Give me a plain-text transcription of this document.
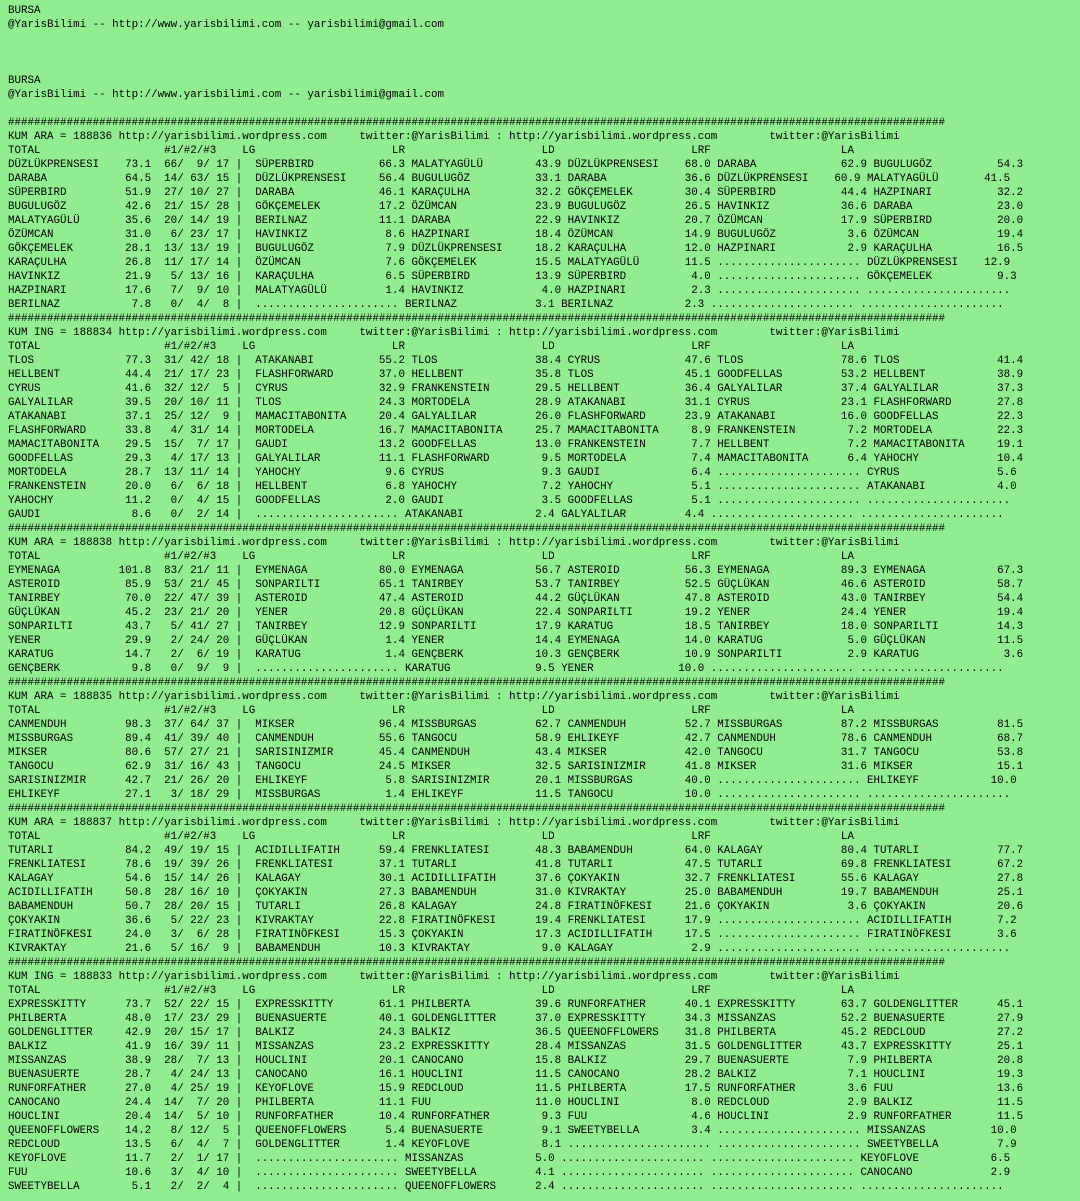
BURSA
@YarisBilimi -- http://www.yarisbilimi.com -- yarisbilimi@gmail.com

BURSA
@YarisBilimi -- http://www.yarisbilimi.com -- yarisbilimi@gmail.com

################################################################################################################################################
KUM ARA = 188836 http://yarisbilimi.wordpress.com     twitter:@YarisBilimi : http://yarisbilimi.wordpress.com        twitter:@YarisBilimi
TOTAL                   #1/#2/#3    LG                     LR                     LD                     LRF                    LA
DÜZLÜKPRENSESI    73.1  66/  9/ 17 |  SÜPERBIRD          66.3 MALATYAGÜLÜ        43.9 DÜZLÜKPRENSESI    68.0 DARABA             62.9 BUGULUGÖZ          54.3
DARABA            64.5  14/ 63/ 15 |  DÜZLÜKPRENSESI     56.4 BUGULUGÖZ          33.1 DARABA            36.6 DÜZLÜKPRENSESI    60.9 MALATYAGÜLÜ       41.5
SÜPERBIRD         51.9  27/ 10/ 27 |  DARABA             46.1 KARAÇULHA          32.2 GÖKÇEMELEK        30.4 SÜPERBIRD          44.4 HAZPINARI          32.2
BUGULUGÖZ         42.6  21/ 15/ 28 |  GÖKÇEMELEK         17.2 ÖZÜMCAN            23.9 BUGULUGÖZ         26.5 HAVINKIZ           36.6 DARABA             23.0
MALATYAGÜLÜ       35.6  20/ 14/ 19 |  BERILNAZ           11.1 DARABA             22.9 HAVINKIZ          20.7 ÖZÜMCAN            17.9 SÜPERBIRD          20.0
ÖZÜMCAN           31.0   6/ 23/ 17 |  HAVINKIZ            8.6 HAZPINARI          18.4 ÖZÜMCAN           14.9 BUGULUGÖZ           3.6 ÖZÜMCAN            19.4
GÖKÇEMELEK        28.1  13/ 13/ 19 |  BUGULUGÖZ           7.9 DÜZLÜKPRENSESI     18.2 KARAÇULHA         12.0 HAZPINARI           2.9 KARAÇULHA          16.5
KARAÇULHA         26.8  11/ 17/ 14 |  ÖZÜMCAN             7.6 GÖKÇEMELEK         15.5 MALATYAGÜLÜ       11.5 ...................... DÜZLÜKPRENSESI    12.9
HAVINKIZ          21.9   5/ 13/ 16 |  KARAÇULHA           6.5 SÜPERBIRD          13.9 SÜPERBIRD          4.0 ...................... GÖKÇEMELEK          9.3
HAZPINARI         17.6   7/  9/ 10 |  MALATYAGÜLÜ         1.4 HAVINKIZ            4.0 HAZPINARI          2.3 ...................... ......................
BERILNAZ           7.8   0/  4/  8 |  ...................... BERILNAZ            3.1 BERILNAZ           2.3 ...................... ......................
################################################################################################################################################
KUM ING = 188834 http://yarisbilimi.wordpress.com     twitter:@YarisBilimi : http://yarisbilimi.wordpress.com        twitter:@YarisBilimi
TOTAL                   #1/#2/#3    LG                     LR                     LD                     LRF                    LA
TLOS              77.3  31/ 42/ 18 |  ATAKANABI          55.2 TLOS               38.4 CYRUS             47.6 TLOS               78.6 TLOS               41.4
HELLBENT          44.4  21/ 17/ 23 |  FLASHFORWARD       37.0 HELLBENT           35.8 TLOS              45.1 GOODFELLAS         53.2 HELLBENT           38.9
CYRUS             41.6  32/ 12/  5 |  CYRUS              32.9 FRANKENSTEIN       29.5 HELLBENT          36.4 GALYALILAR         37.4 GALYALILAR         37.3
GALYALILAR        39.5  20/ 10/ 11 |  TLOS               24.3 MORTODELA          28.9 ATAKANABI         31.1 CYRUS              23.1 FLASHFORWARD       27.8
ATAKANABI         37.1  25/ 12/  9 |  MAMACITABONITA     20.4 GALYALILAR         26.0 FLASHFORWARD      23.9 ATAKANABI          16.0 GOODFELLAS         22.3
FLASHFORWARD      33.8   4/ 31/ 14 |  MORTODELA          16.7 MAMACITABONITA     25.7 MAMACITABONITA     8.9 FRANKENSTEIN        7.2 MORTODELA          22.3
MAMACITABONITA    29.5  15/  7/ 17 |  GAUDI              13.2 GOODFELLAS         13.0 FRANKENSTEIN       7.7 HELLBENT            7.2 MAMACITABONITA     19.1
GOODFELLAS        29.3   4/ 17/ 13 |  GALYALILAR         11.1 FLASHFORWARD        9.5 MORTODELA          7.4 MAMACITABONITA      6.4 YAHOCHY            10.4
MORTODELA         28.7  13/ 11/ 14 |  YAHOCHY             9.6 CYRUS               9.3 GAUDI              6.4 ...................... CYRUS               5.6
FRANKENSTEIN      20.0   6/  6/ 18 |  HELLBENT            6.8 YAHOCHY             7.2 YAHOCHY            5.1 ...................... ATAKANABI           4.0
YAHOCHY           11.2   0/  4/ 15 |  GOODFELLAS          2.0 GAUDI               3.5 GOODFELLAS         5.1 ...................... ......................
GAUDI              8.6   0/  2/ 14 |  ...................... ATAKANABI           2.4 GALYALILAR         4.4 ...................... ......................
################################################################################################################################################
KUM ARA = 188838 http://yarisbilimi.wordpress.com     twitter:@YarisBilimi : http://yarisbilimi.wordpress.com        twitter:@YarisBilimi
TOTAL                   #1/#2/#3    LG                     LR                     LD                     LRF                    LA
EYMENAGA         101.8  83/ 21/ 11 |  EYMENAGA           80.0 EYMENAGA           56.7 ASTEROID          56.3 EYMENAGA           89.3 EYMENAGA           67.3
ASTEROID          85.9  53/ 21/ 45 |  SONPARILTI         65.1 TANIRBEY           53.7 TANIRBEY          52.5 GÜÇLÜKAN           46.6 ASTEROID           58.7
TANIRBEY          70.0  22/ 47/ 39 |  ASTEROID           47.4 ASTEROID           44.2 GÜÇLÜKAN          47.8 ASTEROID           43.0 TANIRBEY           54.4
GÜÇLÜKAN          45.2  23/ 21/ 20 |  YENER              20.8 GÜÇLÜKAN           22.4 SONPARILTI        19.2 YENER              24.4 YENER              19.4
SONPARILTI        43.7   5/ 41/ 27 |  TANIRBEY           12.9 SONPARILTI         17.9 KARATUG           18.5 TANIRBEY           18.0 SONPARILTI         14.3
YENER             29.9   2/ 24/ 20 |  GÜÇLÜKAN            1.4 YENER              14.4 EYMENAGA          14.0 KARATUG             5.0 GÜÇLÜKAN           11.5
KARATUG           14.7   2/  6/ 19 |  KARATUG             1.4 GENÇBERK           10.3 GENÇBERK          10.9 SONPARILTI          2.9 KARATUG             3.6
GENÇBERK           9.8   0/  9/  9 |  ...................... KARATUG             9.5 YENER             10.0 ...................... ......................
################################################################################################################################################
KUM ARA = 188835 http://yarisbilimi.wordpress.com     twitter:@YarisBilimi : http://yarisbilimi.wordpress.com        twitter:@YarisBilimi
TOTAL                   #1/#2/#3    LG                     LR                     LD                     LRF                    LA
CANMENDUH         98.3  37/ 64/ 37 |  MIKSER             96.4 MISSBURGAS         62.7 CANMENDUH         52.7 MISSBURGAS         87.2 MISSBURGAS         81.5
MISSBURGAS        89.4  41/ 39/ 40 |  CANMENDUH          55.6 TANGOCU            58.9 EHLIKEYF          42.7 CANMENDUH          78.6 CANMENDUH          68.7
MIKSER            80.6  57/ 27/ 21 |  SARISINIZMIR       45.4 CANMENDUH          43.4 MIKSER            42.0 TANGOCU            31.7 TANGOCU            53.8
TANGOCU           62.9  31/ 16/ 43 |  TANGOCU            24.5 MIKSER             32.5 SARISINIZMIR      41.8 MIKSER             31.6 MIKSER             15.1
SARISINIZMIR      42.7  21/ 26/ 20 |  EHLIKEYF            5.8 SARISINIZMIR       20.1 MISSBURGAS        40.0 ...................... EHLIKEYF           10.0
EHLIKEYF          27.1   3/ 18/ 29 |  MISSBURGAS          1.4 EHLIKEYF           11.5 TANGOCU           10.0 ...................... ......................
################################################################################################################################################
KUM ARA = 188837 http://yarisbilimi.wordpress.com     twitter:@YarisBilimi : http://yarisbilimi.wordpress.com        twitter:@YarisBilimi
TOTAL                   #1/#2/#3    LG                     LR                     LD                     LRF                    LA
TUTARLI           84.2  49/ 19/ 15 |  ACIDILLIFATIH      59.4 FRENKLIATESI       48.3 BABAMENDUH        64.0 KALAGAY            80.4 TUTARLI            77.7
FRENKLIATESI      78.6  19/ 39/ 26 |  FRENKLIATESI       37.1 TUTARLI            41.8 TUTARLI           47.5 TUTARLI            69.8 FRENKLIATESI       67.2
KALAGAY           54.6  15/ 14/ 26 |  KALAGAY            30.1 ACIDILLIFATIH      37.6 ÇOKYAKIN          32.7 FRENKLIATESI       55.6 KALAGAY            27.8
ACIDILLIFATIH     50.8  28/ 16/ 10 |  ÇOKYAKIN           27.3 BABAMENDUH         31.0 KIVRAKTAY         25.0 BABAMENDUH         19.7 BABAMENDUH         25.1
BABAMENDUH        50.7  28/ 20/ 15 |  TUTARLI            26.8 KALAGAY            24.8 FIRATINÖFKESI     21.6 ÇOKYAKIN            3.6 ÇOKYAKIN           20.6
ÇOKYAKIN          36.6   5/ 22/ 23 |  KIVRAKTAY          22.8 FIRATINÖFKESI      19.4 FRENKLIATESI      17.9 ...................... ACIDILLIFATIH       7.2
FIRATINÖFKESI     24.0   3/  6/ 28 |  FIRATINÖFKESI      15.3 ÇOKYAKIN           17.3 ACIDILLIFATIH     17.5 ...................... FIRATINÖFKESI       3.6
KIVRAKTAY         21.6   5/ 16/  9 |  BABAMENDUH         10.3 KIVRAKTAY           9.0 KALAGAY            2.9 ...................... ......................
################################################################################################################################################
KUM ING = 188833 http://yarisbilimi.wordpress.com     twitter:@YarisBilimi : http://yarisbilimi.wordpress.com        twitter:@YarisBilimi
TOTAL                   #1/#2/#3    LG                     LR                     LD                     LRF                    LA
EXPRESSKITTY      73.7  52/ 22/ 15 |  EXPRESSKITTY       61.1 PHILBERTA          39.6 RUNFORFATHER      40.1 EXPRESSKITTY       63.7 GOLDENGLITTER      45.1
PHILBERTA         48.0  17/ 23/ 29 |  BUENASUERTE        40.1 GOLDENGLITTER      37.0 EXPRESSKITTY      34.3 MISSANZAS          52.2 BUENASUERTE        27.9
GOLDENGLITTER     42.9  20/ 15/ 17 |  BALKIZ             24.3 BALKIZ             36.5 QUEENOFFLOWERS    31.8 PHILBERTA          45.2 REDCLOUD           27.2
BALKIZ            41.9  16/ 39/ 11 |  MISSANZAS          23.2 EXPRESSKITTY       28.4 MISSANZAS         31.5 GOLDENGLITTER      43.7 EXPRESSKITTY       25.1
MISSANZAS         38.9  28/  7/ 13 |  HOUCLINI           20.1 CANOCANO           15.8 BALKIZ            29.7 BUENASUERTE         7.9 PHILBERTA          20.8
BUENASUERTE       28.7   4/ 24/ 13 |  CANOCANO           16.1 HOUCLINI           11.5 CANOCANO          28.2 BALKIZ              7.1 HOUCLINI           19.3
RUNFORFATHER      27.0   4/ 25/ 19 |  KEYOFLOVE          15.9 REDCLOUD           11.5 PHILBERTA         17.5 RUNFORFATHER        3.6 FUU                13.6
CANOCANO          24.4  14/  7/ 20 |  PHILBERTA          11.1 FUU                11.0 HOUCLINI           8.0 REDCLOUD            2.9 BALKIZ             11.5
HOUCLINI          20.4  14/  5/ 10 |  RUNFORFATHER       10.4 RUNFORFATHER        9.3 FUU                4.6 HOUCLINI            2.9 RUNFORFATHER       11.5
QUEENOFFLOWERS    14.2   8/ 12/  5 |  QUEENOFFLOWERS      5.4 BUENASUERTE         9.1 SWEETYBELLA        3.4 ...................... MISSANZAS          10.0
REDCLOUD          13.5   6/  4/  7 |  GOLDENGLITTER       1.4 KEYOFLOVE           8.1 ...................... ...................... SWEETYBELLA         7.9
KEYOFLOVE         11.7   2/  1/ 17 |  ...................... MISSANZAS           5.0 ...................... ...................... KEYOFLOVE           6.5
FUU               10.6   3/  4/ 10 |  ...................... SWEETYBELLA         4.1 ...................... ...................... CANOCANO            2.9
SWEETYBELLA        5.1   2/  2/  4 |  ...................... QUEENOFFLOWERS      2.4 ...................... ...................... ......................
